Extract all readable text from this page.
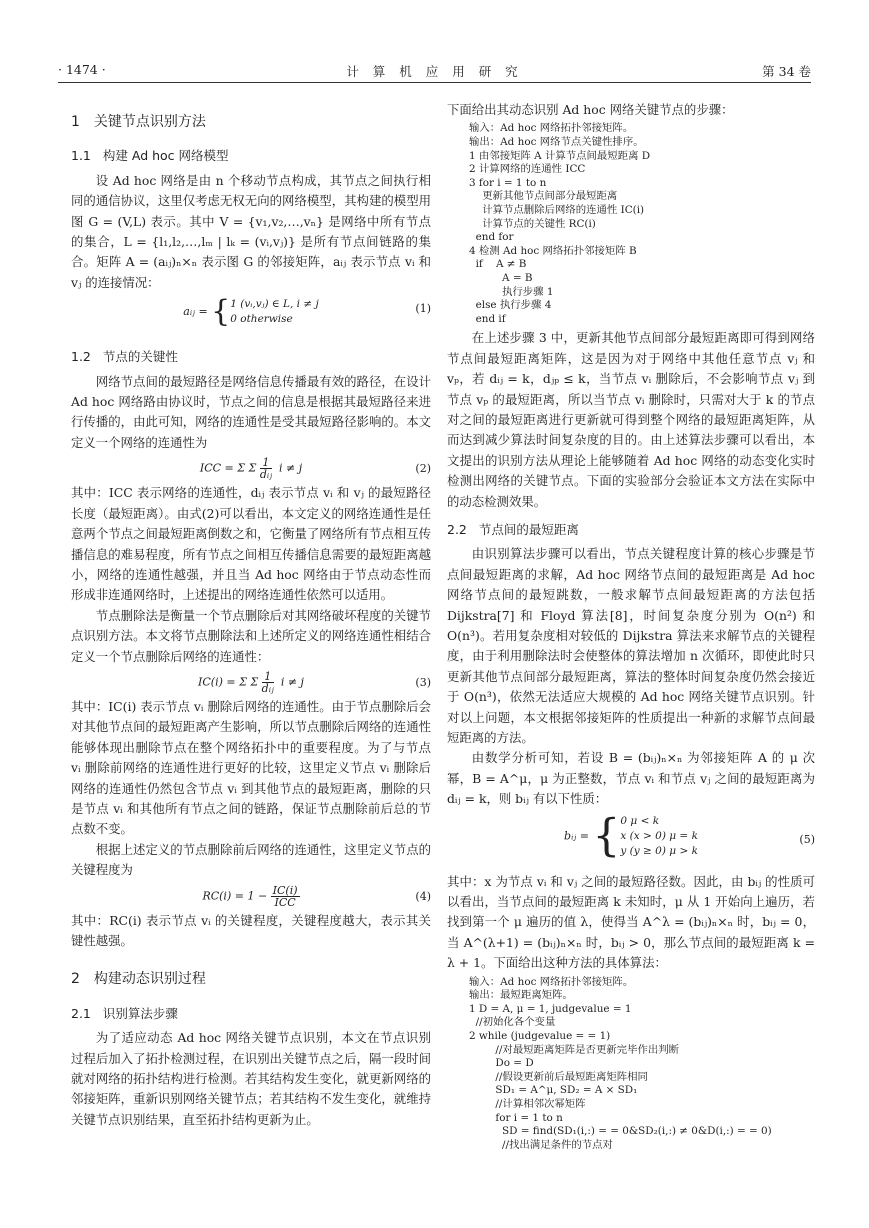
· 1474 ·	计 算 机 应 用 研 究	第 34 卷
1 关键节点识别方法
1.1 构建 Ad hoc 网络模型

设 Ad hoc 网络是由 n 个移动节点构成，其节点之间执行相同的通信协议，这里仅考虑无权无向的网络模型，其构建的模型用图 G = (V,L) 表示。其中 V = {v₁,v₂,…,vₙ} 是网络中所有节点的集合，L = {l₁,l₂,…,lₘ | lₖ = (vᵢ,vⱼ)} 是所有节点间链路的集合。矩阵 A = (aᵢⱼ)ₙ×ₙ 表示图 G 的邻接矩阵，aᵢⱼ 表示节点 vᵢ 和 vⱼ 的连接情况：

aᵢⱼ = {1 (vᵢ,vⱼ) ∈ L, i ≠ j
0 otherwise
(1)
1.2 节点的关键性

网络节点间的最短路径是网络信息传播最有效的路径，在设计 Ad hoc 网络路由协议时，节点之间的信息是根据其最短路径来进行传播的，由此可知，网络的连通性是受其最短路径影响的。本文定义一个网络的连通性为

ICC = Σ Σ $\frac{1}{\text{dᵢⱼ}}$ i ≠ j	(2)

其中：ICC 表示网络的连通性，dᵢⱼ 表示节点 vᵢ 和 vⱼ 的最短路径长度（最短距离）。由式(2)可以看出，本文定义的网络连通性是任意两个节点之间最短距离倒数之和，它衡量了网络所有节点相互传播信息的难易程度，所有节点之间相互传播信息需要的最短距离越小，网络的连通性越强，并且当 Ad hoc 网络由于节点动态性而形成非连通网络时，上述提出的网络连通性依然可以适用。

节点删除法是衡量一个节点删除后对其网络破坏程度的关键节点识别方法。本文将节点删除法和上述所定义的网络连通性相结合定义一个节点删除后网络的连通性：

IC(i) = Σ Σ $\frac{1}{\text{dᵢⱼ}}$ i ≠ j	(3)

其中：IC(i) 表示节点 vᵢ 删除后网络的连通性。由于节点删除后会对其他节点间的最短距离产生影响，所以节点删除后网络的连通性能够体现出删除节点在整个网络拓扑中的重要程度。为了与节点 vᵢ 删除前网络的连通性进行更好的比较，这里定义节点 vᵢ 删除后网络的连通性仍然包含节点 vᵢ 到其他节点的最短距离，删除的只是节点 vᵢ 和其他所有节点之间的链路，保证节点删除前后总的节点数不变。

根据上述定义的节点删除前后网络的连通性，这里定义节点的关键程度为

$RC(i) = 1 - \frac{IC(i)}{\text{ICC}}$	(4)

其中：RC(i) 表示节点 vᵢ 的关键程度，关键程度越大，表示其关键性越强。

2 构建动态识别过程
2.1 识别算法步骤

为了适应动态 Ad hoc 网络关键节点识别，本文在节点识别过程后加入了拓扑检测过程，在识别出关键节点之后，隔一段时间就对网络的拓扑结构进行检测。若其结构发生变化，就更新网络的邻接矩阵，重新识别网络关键节点；若其结构不发生变化，就维持关键节点识别结果，直至拓扑结构更新为止。

下面给出其动态识别 Ad hoc 网络关键节点的步骤：

输入：Ad hoc 网络拓扑邻接矩阵。
输出：Ad hoc 网络节点关键性排序。
1 由邻接矩阵 A 计算节点间最短距离 D
2 计算网络的连通性 ICC
3 for i = 1 to n
更新其他节点间部分最短距离
计算节点删除后网络的连通性 IC(i)
计算节点的关键性 RC(i)
end for
4 检测 Ad hoc 网络拓扑邻接矩阵 B
if    A ≠ B
A = B
执行步骤 1
else 执行步骤 4
end if

在上述步骤 3 中，更新其他节点间部分最短距离即可得到网络节点间最短距离矩阵，这是因为对于网络中其他任意节点 vⱼ 和 vₚ，若 dᵢⱼ = k，dⱼₚ ≤ k，当节点 vᵢ 删除后，不会影响节点 vⱼ 到节点 vₚ 的最短距离，所以当节点 vᵢ 删除时，只需对大于 k 的节点对之间的最短距离进行更新就可得到整个网络的最短距离矩阵，从而达到减少算法时间复杂度的目的。由上述算法步骤可以看出，本文提出的识别方法从理论上能够随着 Ad hoc 网络的动态变化实时检测出网络的关键节点。下面的实验部分会验证本文方法在实际中的动态检测效果。

2.2 节点间的最短距离

由识别算法步骤可以看出，节点关键程度计算的核心步骤是节点间最短距离的求解，Ad hoc 网络节点间的最短距离是 Ad hoc 网络节点间的最短跳数，一般求解节点间最短距离的方法包括 Dijkstra[7] 和 Floyd 算法[8]，时间复杂度分别为 O(n²) 和 O(n³)。若用复杂度相对较低的 Dijkstra 算法来求解节点的关键程度，由于利用删除法时会使整体的算法增加 n 次循环，即使此时只更新其他节点间部分最短距离，算法的整体时间复杂度仍然会接近于 O(n³)，依然无法适应大规模的 Ad hoc 网络关键节点识别。针对以上问题，本文根据邻接矩阵的性质提出一种新的求解节点间最短距离的方法。

由数学分析可知，若设 B = (bᵢⱼ)ₙ×ₙ 为邻接矩阵 A 的 μ 次幂，B = A^μ，μ 为正整数，节点 vᵢ 和节点 vⱼ 之间的最短距离为 dᵢⱼ = k，则 bᵢⱼ 有以下性质：

bᵢⱼ = {0 μ < k
x (x > 0) μ = k
y (y ≥ 0) μ > k
(5)

其中：x 为节点 vᵢ 和 vⱼ 之间的最短路径数。因此，由 bᵢⱼ 的性质可以看出，当节点间的最短距离 k 未知时，μ 从 1 开始向上遍历，若找到第一个 μ 遍历的值 λ，使得当 A^λ = (bᵢⱼ)ₙ×ₙ 时，bᵢⱼ = 0，当 A^(λ+1) = (bᵢⱼ)ₙ×ₙ 时，bᵢⱼ > 0，那么节点间的最短距离 k = λ + 1。下面给出这种方法的具体算法：

输入：Ad hoc 网络拓扑邻接矩阵。
输出：最短距离矩阵。
1 D = A, μ = 1, judgevalue = 1
//初始化各个变量
2 while (judgevalue = = 1)
//对最短距离矩阵是否更新完毕作出判断
Do = D
//假设更新前后最短距离矩阵相同
SD₁ = A^μ, SD₂ = A × SD₁
//计算相邻次幂矩阵
for i = 1 to n
SD = find(SD₁(i,:) = = 0&SD₂(i,:) ≠ 0&D(i,:) = = 0)
//找出满足条件的节点对
